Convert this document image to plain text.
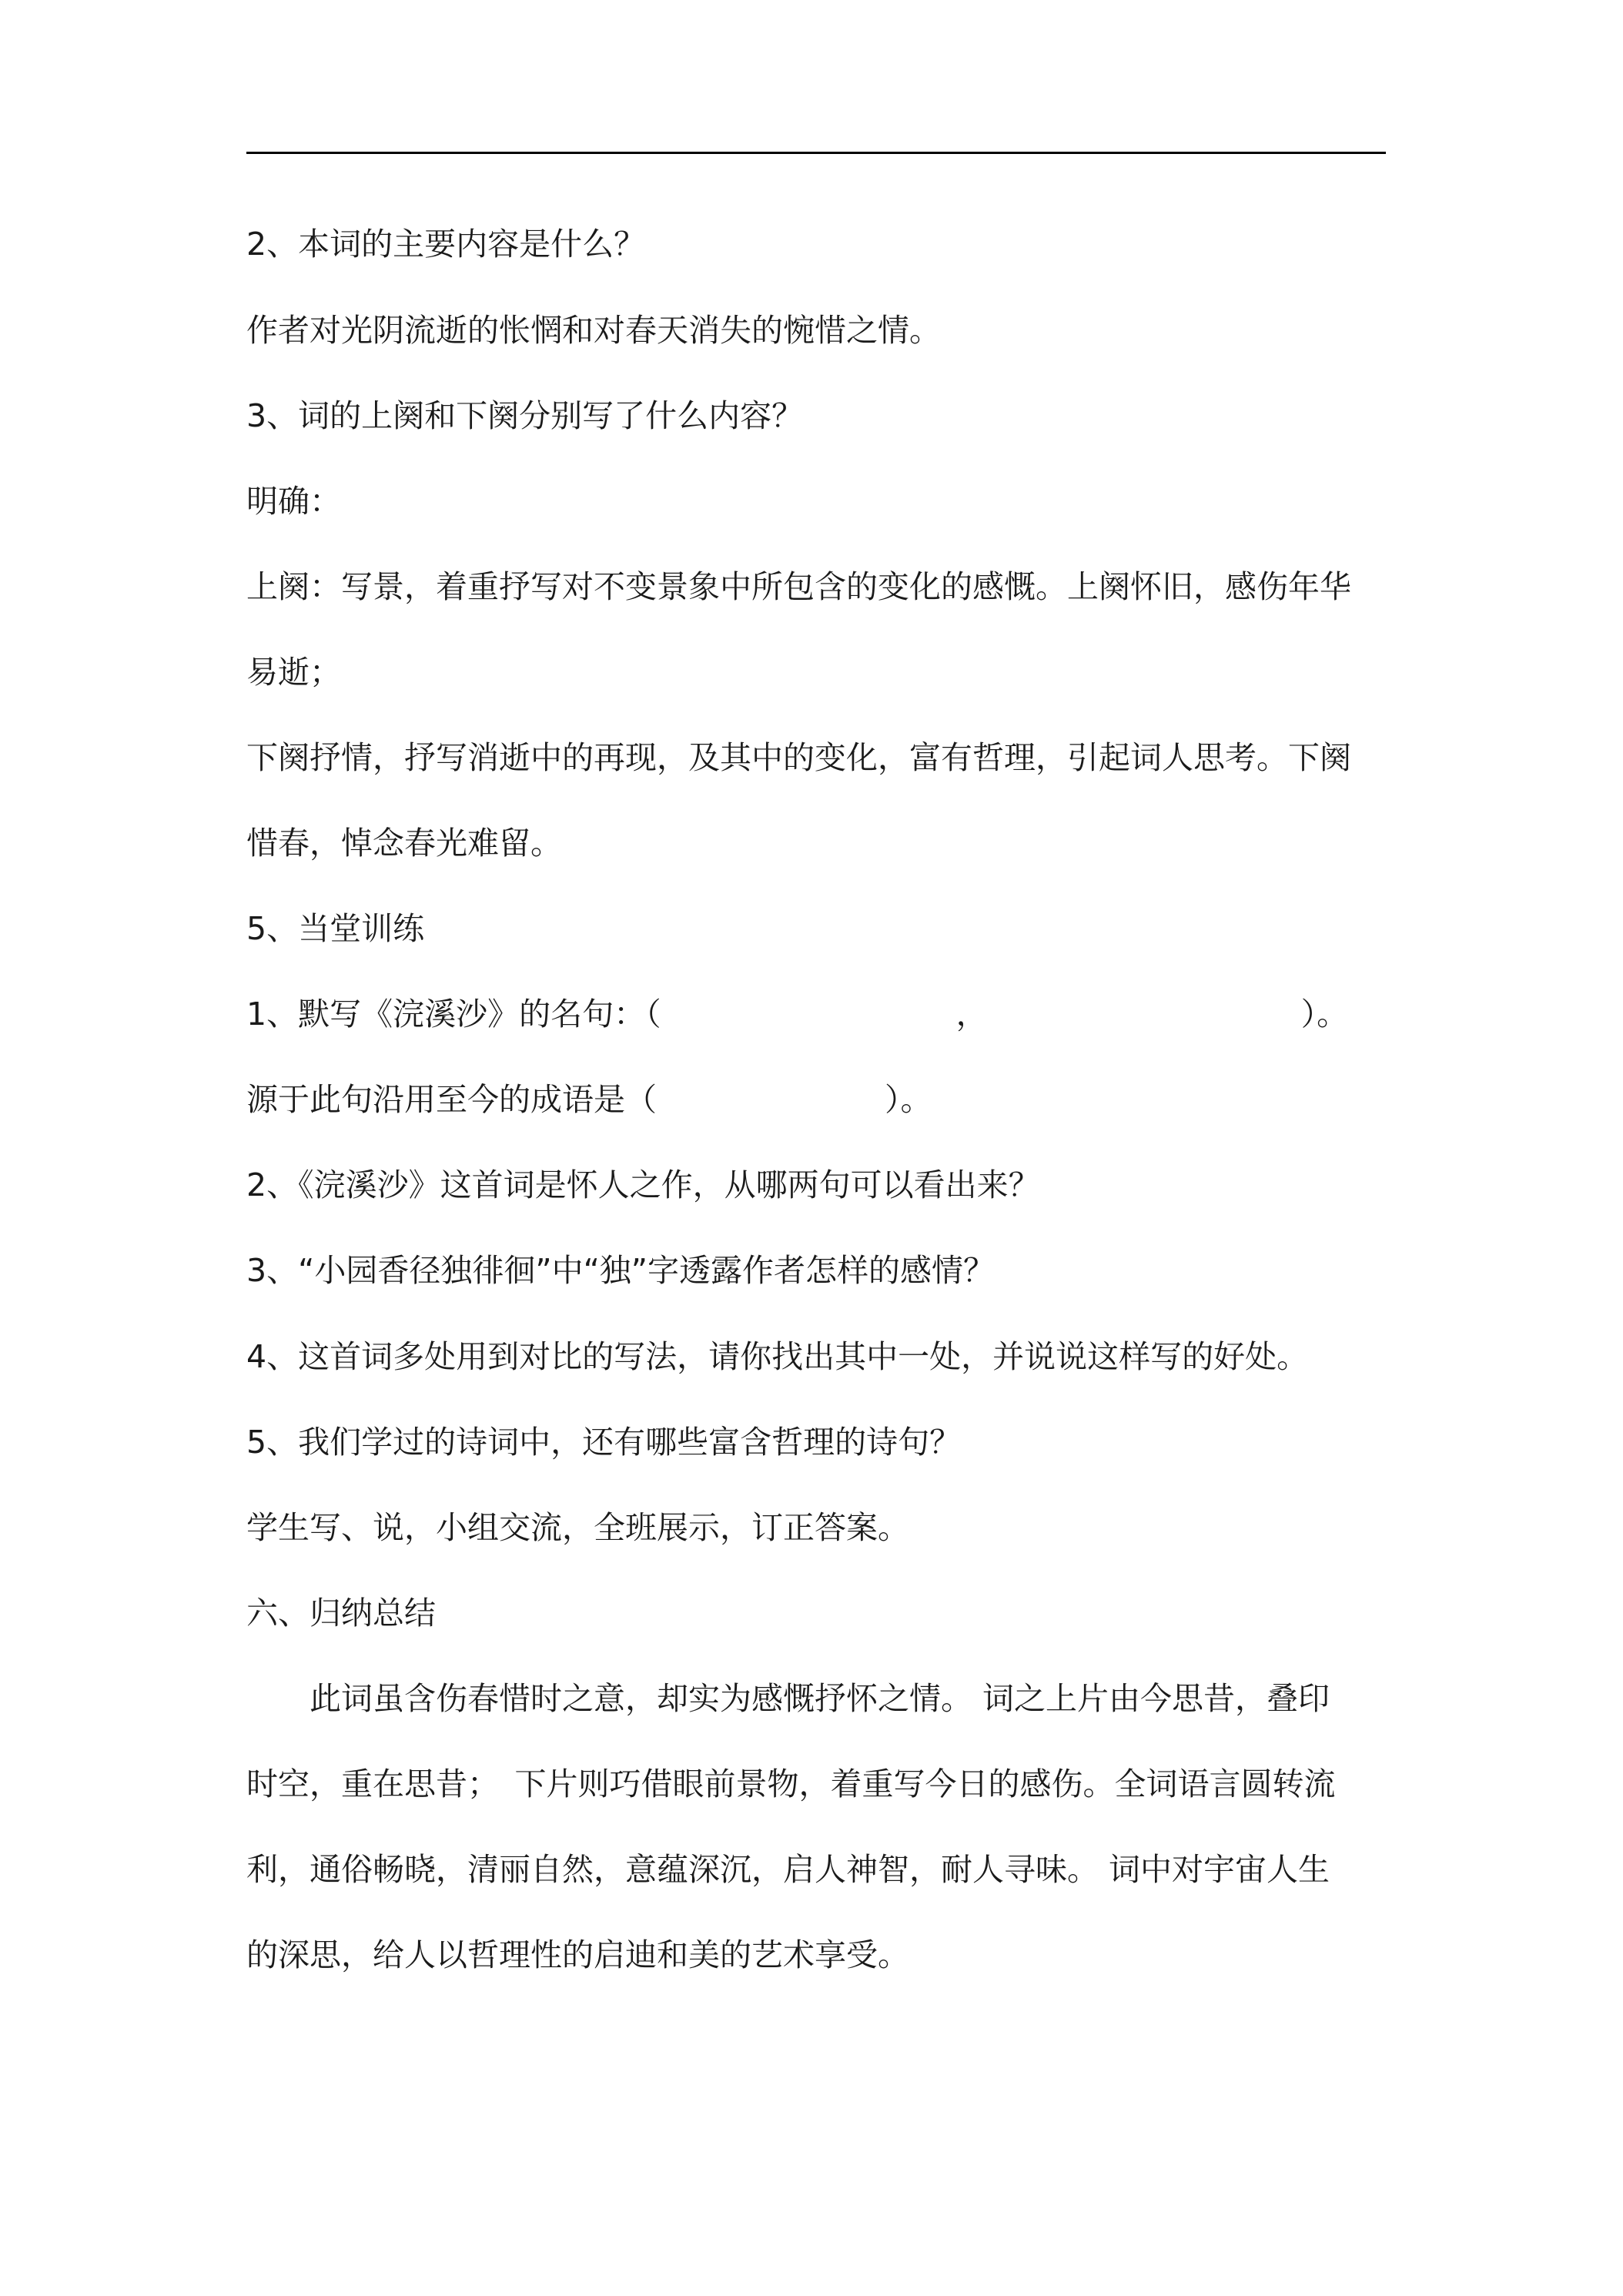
2、本词的主要内容是什么？
作者对光阴流逝的怅惘和对春天消失的惋惜之情。
3、词的上阕和下阕分别写了什么内容？
明确：
上阕：写景，着重抒写对不变景象中所包含的变化的感慨。上阕怀旧，感伤年华
易逝；
下阕抒情，抒写消逝中的再现，及其中的变化，富有哲理，引起词人思考。下阕
惜春，悼念春光难留。
5、当堂训练
1、默写《浣溪沙》的名句：（	，	）。
源于此句沿用至今的成语是（	）。
2、《浣溪沙》这首词是怀人之作，从哪两句可以看出来？
3、“小园香径独徘徊”中“独”字透露作者怎样的感情？
4、这首词多处用到对比的写法，请你找出其中一处，并说说这样写的好处。
5、我们学过的诗词中，还有哪些富含哲理的诗句？
学生写、说，小组交流，全班展示，订正答案。
六、归纳总结
　　此词虽含伤春惜时之意，却实为感慨抒怀之情。 词之上片由今思昔，叠印
时空，重在思昔；　下片则巧借眼前景物，着重写今日的感伤。全词语言圆转流
利，通俗畅晓，清丽自然，意蕴深沉，启人神智，耐人寻味。 词中对宇宙人生
的深思，给人以哲理性的启迪和美的艺术享受。
